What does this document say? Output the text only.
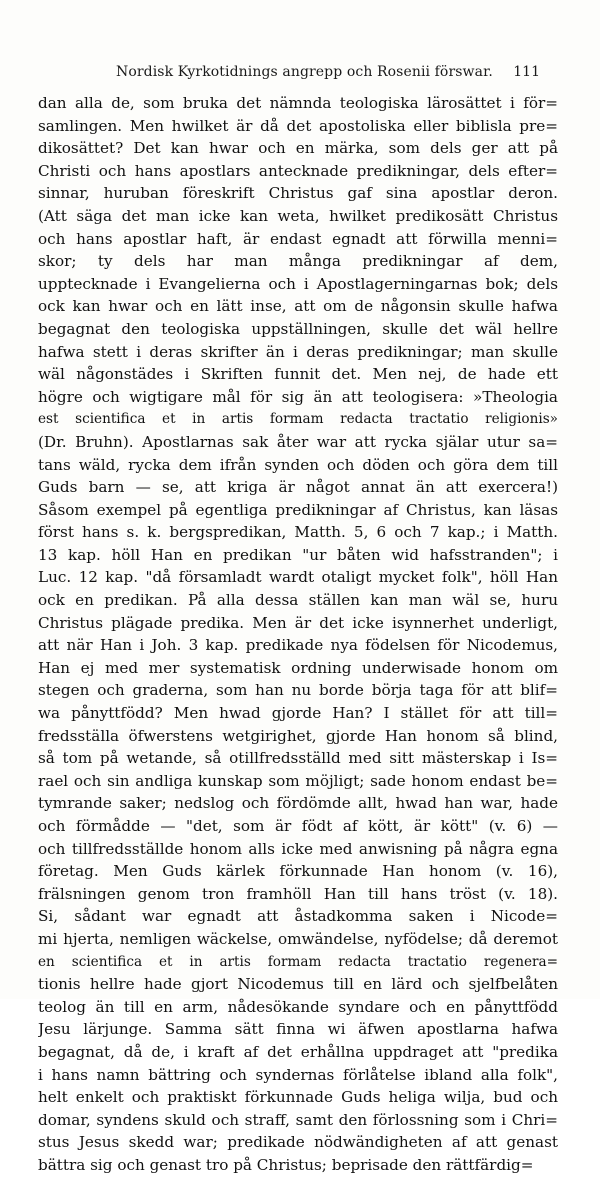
Nordisk Kyrkotidnings angrepp och Rosenii förswar. 111
dan alla de, som bruka det nämnda teologiska lärosättet i för=
samlingen. Men hwilket är då det apostoliska eller biblisla pre=
dikosättet? Det kan hwar och en märka, som dels ger att på
Christi och hans apostlars antecknade predikningar, dels efter=
sinnar, huruban föreskrift Christus gaf sina apostlar deron.
(Att säga det man icke kan weta, hwilket predikosätt Christus
och hans apostlar haft, är endast egnadt att förwilla menni=
skor; ty dels har man många predikningar af dem,
upptecknade i Evangelierna och i Apostlagerningarnas bok; dels
ock kan hwar och en lätt inse, att om de någonsin skulle hafwa
begagnat den teologiska uppställningen, skulle det wäl hellre
hafwa stett i deras skrifter än i deras predikningar; man skulle
wäl någonstädes i Skriften funnit det. Men nej, de hade ett
högre och wigtigare mål för sig än att teologisera: »Theologia
est scientifica et in artis formam redacta tractatio religionis»
(Dr. Bruhn). Apostlarnas sak åter war att rycka själar utur sa=
tans wäld, rycka dem ifrån synden och döden och göra dem till
Guds barn — se, att kriga är något annat än att exercera!)
Såsom exempel på egentliga predikningar af Christus, kan läsas
först hans s. k. bergspredikan, Matth. 5, 6 och 7 kap.; i Matth.
13 kap. höll Han en predikan "ur båten wid hafsstranden"; i
Luc. 12 kap. "då församladt wardt otaligt mycket folk", höll Han
ock en predikan. På alla dessa ställen kan man wäl se, huru
Christus plägade predika. Men är det icke isynnerhet underligt,
att när Han i Joh. 3 kap. predikade nya födelsen för Nicodemus,
Han ej med mer systematisk ordning underwisade honom om
stegen och graderna, som han nu borde börja taga för att blif=
wa pånyttfödd? Men hwad gjorde Han? I stället för att till=
fredsställa öfwerstens wetgirighet, gjorde Han honom så blind,
så tom på wetande, så otillfredsställd med sitt mästerskap i Is=
rael och sin andliga kunskap som möjligt; sade honom endast be=
tymrande saker; nedslog och fördömde allt, hwad han war, hade
och förmådde — "det, som är födt af kött, är kött" (v. 6) —
och tillfredsställde honom alls icke med anwisning på några egna
företag. Men Guds kärlek förkunnade Han honom (v. 16),
frälsningen genom tron framhöll Han till hans tröst (v. 18).
Si, sådant war egnadt att åstadkomma saken i Nicode=
mi hjerta, nemligen wäckelse, omwändelse, nyfödelse; då deremot
en scientifica et in artis formam redacta tractatio regenera=
tionis hellre hade gjort Nicodemus till en lärd och sjelfbelåten
teolog än till en arm, nådesökande syndare och en pånyttfödd
Jesu lärjunge. Samma sätt finna wi äfwen apostlarna hafwa
begagnat, då de, i kraft af det erhållna uppdraget att "predika
i hans namn bättring och syndernas förlåtelse ibland alla folk",
helt enkelt och praktiskt förkunnade Guds heliga wilja, bud och
domar, syndens skuld och straff, samt den förlossning som i Chri=
stus Jesus skedd war; predikade nödwändigheten af att genast
bättra sig och genast tro på Christus; beprisade den rättfärdig=
